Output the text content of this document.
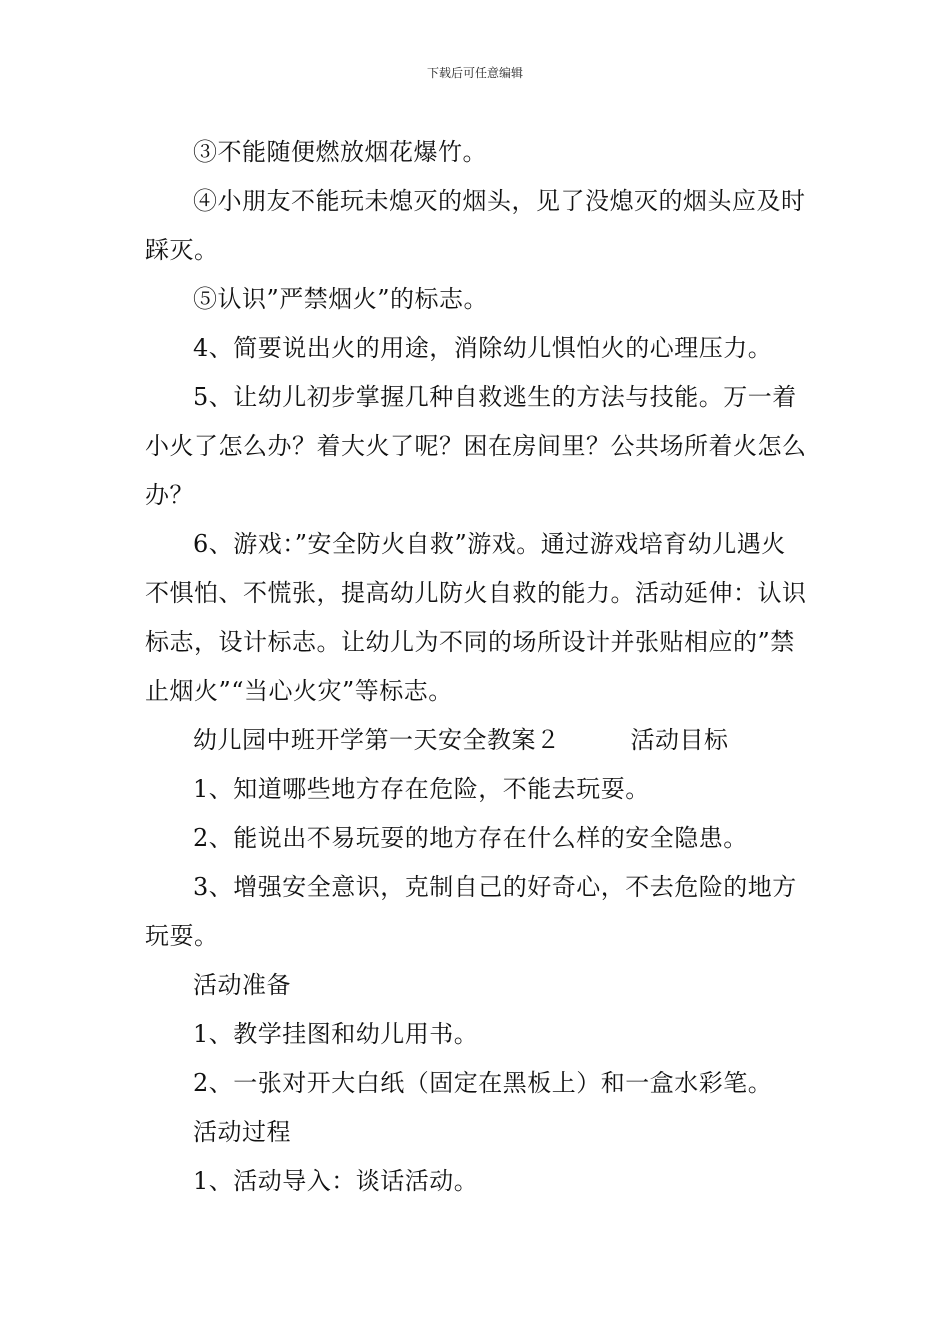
下载后可任意编辑

③不能随便燃放烟花爆竹。

④小朋友不能玩未熄灭的烟头，见了没熄灭的烟头应及时踩灭。

⑤认识”严禁烟火”的标志。

4、简要说出火的用途，消除幼儿惧怕火的心理压力。

5、让幼儿初步掌握几种自救逃生的方法与技能。万一着小火了怎么办？着大火了呢？困在房间里？公共场所着火怎么办？

6、游戏：”安全防火自救”游戏。通过游戏培育幼儿遇火不惧怕、不慌张，提高幼儿防火自救的能力。活动延伸：认识标志，设计标志。让幼儿为不同的场所设计并张贴相应的”禁止烟火”“当心火灾”等标志。

幼儿园中班开学第一天安全教案２	活动目标

1、知道哪些地方存在危险，不能去玩耍。

2、能说出不易玩耍的地方存在什么样的安全隐患。

3、增强安全意识，克制自己的好奇心，不去危险的地方玩耍。

活动准备

1、教学挂图和幼儿用书。

2、一张对开大白纸（固定在黑板上）和一盒水彩笔。

活动过程

1、活动导入：谈话活动。
